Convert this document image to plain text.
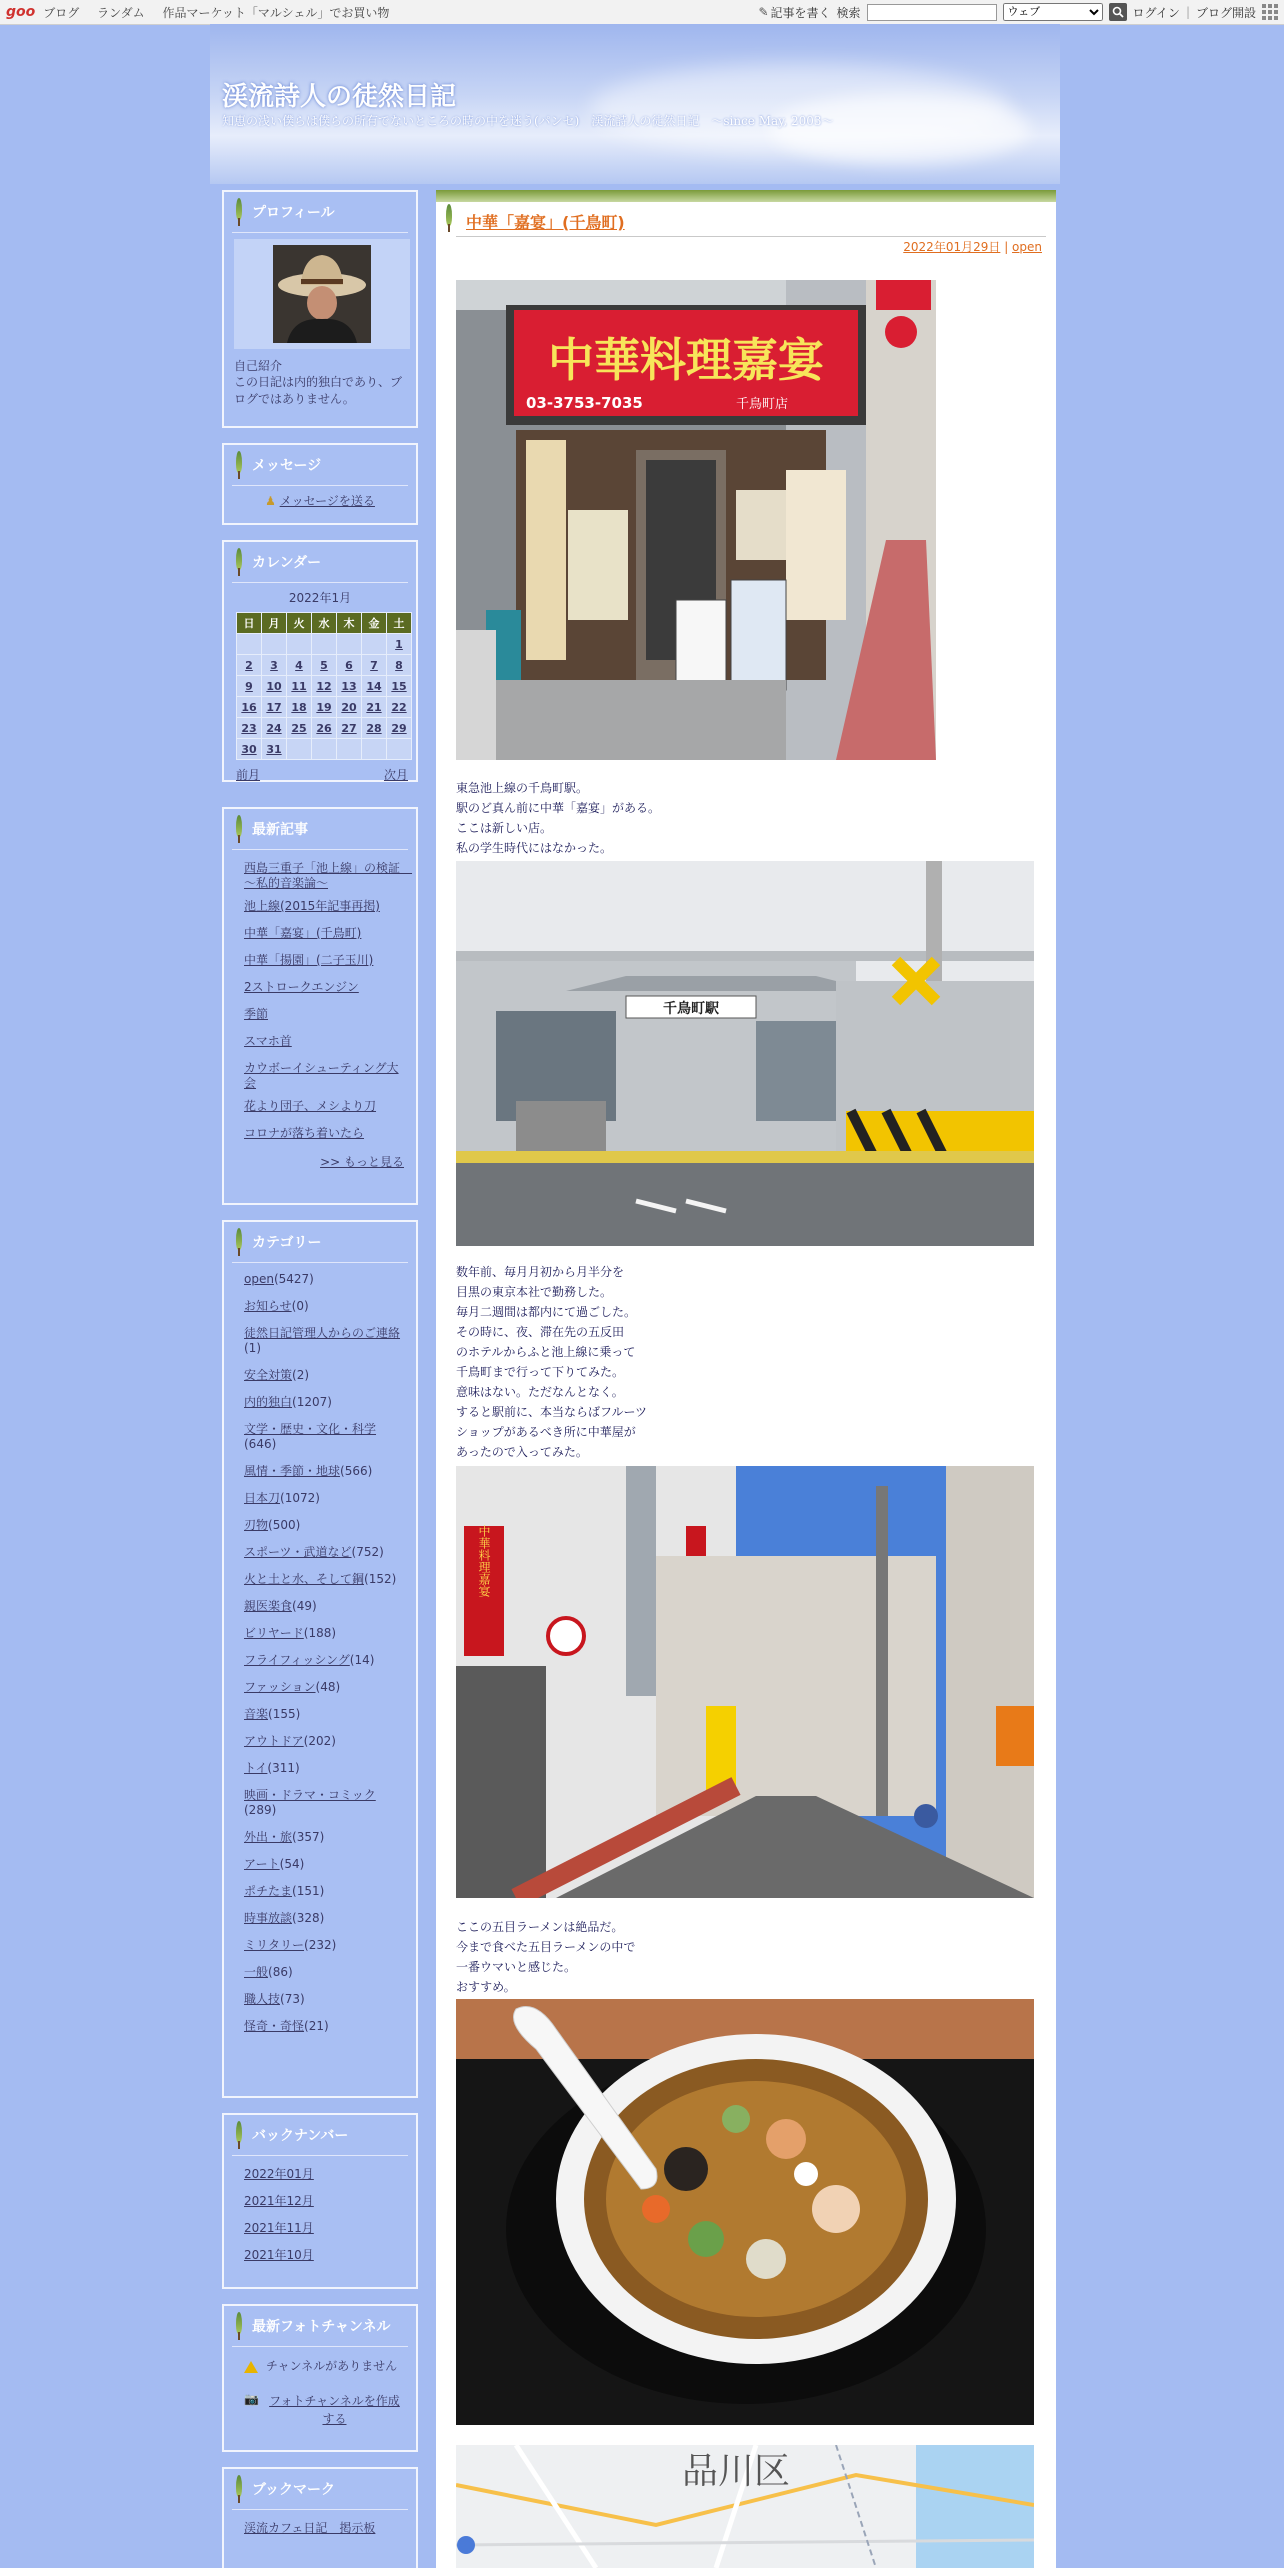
goo ブログ ランダム 作品マーケット「マルシェル」でお買い物	✎ 記事を書く 検索
ウェブ	ログイン | ブログ開設
渓流詩人の徒然日記
知恵の浅い僕らは僕らの所有でないところの時の中を迷う(パンセ)　渓流詩人の徒然日記　～since May, 2003～
プロフィール
自己紹介
この日記は内的独白であり、ブログではありません。
メッセージ
♟ メッセージを送る
カレンダー
2022年1月
日	月	火	水	木	金	土
						1
2	3	4	5	6	7	8
9	10	11	12	13	14	15
16	17	18	19	20	21	22
23	24	25	26	27	28	29
30	31					
前月	次月
最新記事
西島三重子「池上線」の検証　～私的音楽論～
池上線(2015年記事再掲)
中華「嘉宴」(千鳥町)
中華「揚園」(二子玉川)
2ストロークエンジン
季節
スマホ首
カウボーイシューティング大会
花より団子、メシより刀
コロナが落ち着いたら
>> もっと見る
カテゴリー
open(5427)
お知らせ(0)
徒然日記管理人からのご連絡(1)
安全対策(2)
内的独白(1207)
文学・歴史・文化・科学(646)
風情・季節・地球(566)
日本刀(1072)
刃物(500)
スポーツ・武道など(752)
火と土と水、そして鋼(152)
親医楽食(49)
ビリヤード(188)
フライフィッシング(14)
ファッション(48)
音楽(155)
アウトドア(202)
トイ(311)
映画・ドラマ・コミック(289)
外出・旅(357)
アート(54)
ポチたま(151)
時事放談(328)
ミリタリー(232)
一般(86)
職人技(73)
怪奇・奇怪(21)
バックナンバー
2022年01月
2021年12月
2021年11月
2021年10月
最新フォトチャンネル
チャンネルがありません
📷 フォトチャンネルを作成する
ブックマーク
渓流カフェ日記　掲示板
中華「嘉宴」(千鳥町)
2022年01月29日 | open
中華料理嘉宴
03-3753-7035	千鳥町店
東急池上線の千鳥町駅。
駅のど真ん前に中華「嘉宴」がある。
ここは新しい店。
私の学生時代にはなかった。
千鳥町駅
数年前、毎月月初から月半分を
目黒の東京本社で勤務した。
毎月二週間は都内にて過ごした。
その時に、夜、滞在先の五反田
のホテルからふと池上線に乗って
千鳥町まで行って下りてみた。
意味はない。ただなんとなく。
すると駅前に、本当ならばフルーツ
ショップがあるべき所に中華屋が
あったので入ってみた。
中華料理嘉宴
ここの五目ラーメンは絶品だ。
今まで食べた五目ラーメンの中で
一番ウマいと感じた。
おすすめ。
品川区
